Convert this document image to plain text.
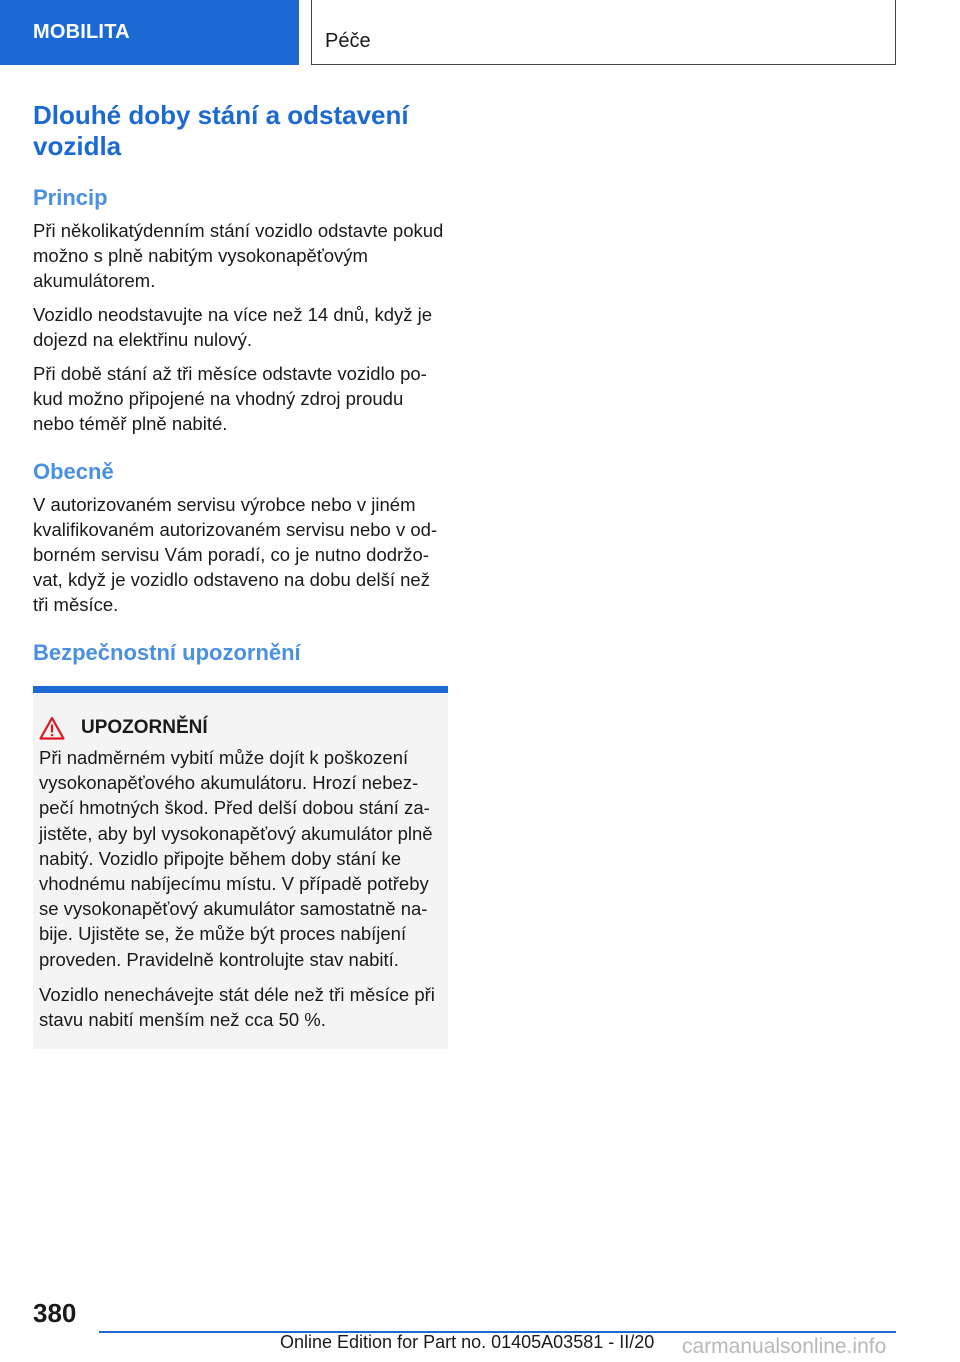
MOBILITA	Péče
Dlouhé doby stání a odstavení vozidla
Princip

Při několikatýdenním stání vozidlo odstavte pokud možno s plně nabitým vysokonapěťovým akumulátorem.

Vozidlo neodstavujte na více než 14 dnů, když je dojezd na elektřinu nulový.

Při době stání až tři měsíce odstavte vozidlo pokud možno připojené na vhodný zdroj proudu nebo téměř plně nabité.

Obecně

V autorizovaném servisu výrobce nebo v jiném kvalifikovaném autorizovaném servisu nebo v odborném servisu Vám poradí, co je nutno dodržovat, když je vozidlo odstaveno na dobu delší než tři měsíce.

Bezpečnostní upozornění
UPOZORNĚNÍ

Při nadměrném vybití může dojít k poškození vysokonapěťového akumulátoru. Hrozí nebezpečí hmotných škod. Před delší dobou stání zajistěte, aby byl vysokonapěťový akumulátor plně nabitý. Vozidlo připojte během doby stání ke vhodnému nabíjecímu místu. V případě potřeby se vysokonapěťový akumulátor samostatně nabije. Ujistěte se, že může být proces nabíjení proveden. Pravidelně kontrolujte stav nabití.

Vozidlo nenechávejte stát déle než tři měsíce při stavu nabití menším než cca 50 %.

380
Online Edition for Part no. 01405A03581 - II/20 carmanualsonline.info
